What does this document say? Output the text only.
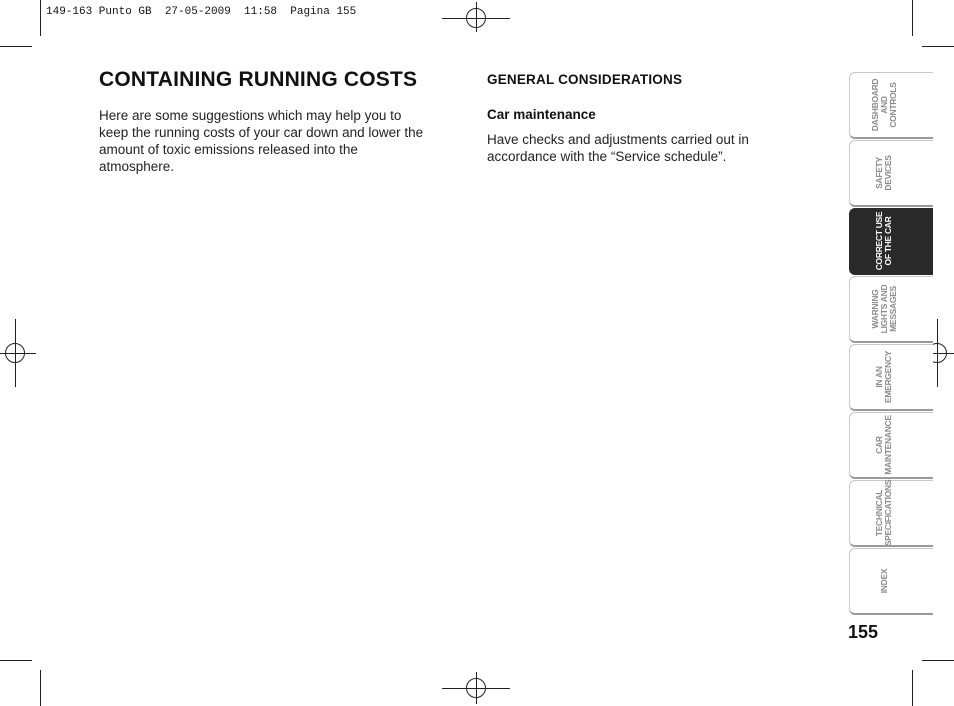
149-163 Punto GB  27-05-2009  11:58  Pagina 155
CONTAINING RUNNING COSTS

Here are some suggestions which may help you to keep the running costs of your car down and lower the amount of toxic emissions released into the atmosphere.

GENERAL CONSIDERATIONS
Car maintenance

Have checks and adjustments carried out in accordance with the “Service schedule”.

DASHBOARD
AND
CONTROLS
SAFETY
DEVICES
CORRECT USE
OF THE CAR
WARNING
LIGHTS AND
MESSAGES
IN AN
EMERGENCY
CAR
MAINTENANCE
TECHNICAL
SPECIFICATIONS
INDEX
155
